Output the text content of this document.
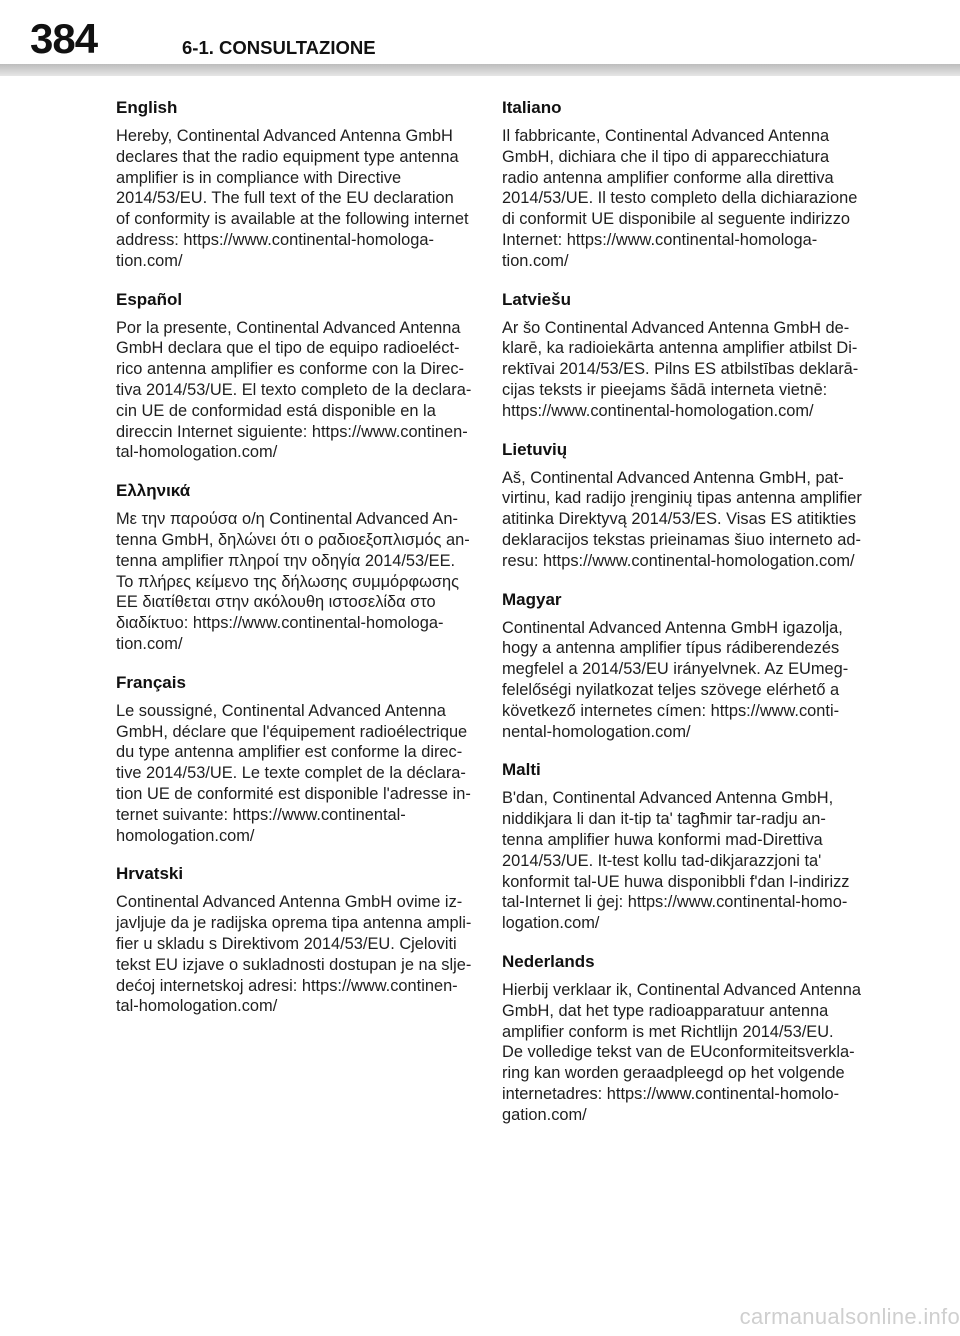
384	6-1. CONSULTAZIONE
English
Hereby, Continental Advanced Antenna GmbH
declares that the radio equipment type antenna
amplifier is in compliance with Directive
2014/53/EU. The full text of the EU declaration
of conformity is available at the following internet
address: https://www.continental-homologa-
tion.com/
Español
Por la presente, Continental Advanced Antenna
GmbH declara que el tipo de equipo radioeléct-
rico antenna amplifier es conforme con la Direc-
tiva 2014/53/UE. El texto completo de la declara-
cin UE de conformidad está disponible en la
direccin Internet siguiente: https://www.continen-
tal-homologation.com/
Ελληνικά
Με την παρούσα ο/η Continental Advanced An-
tenna GmbH, δηλώνει ότι ο ραδιοεξοπλισμός an-
tenna amplifier πληροί την οδηγία 2014/53/ΕΕ.
Το πλήρες κείμενο της δήλωσης συμμόρφωσης
ΕΕ διατίθεται στην ακόλουθη ιστοσελίδα στο
διαδίκτυο: https://www.continental-homologa-
tion.com/
Français
Le soussigné, Continental Advanced Antenna
GmbH, déclare que l'équipement radioélectrique
du type antenna amplifier est conforme la direc-
tive 2014/53/UE. Le texte complet de la déclara-
tion UE de conformité est disponible l'adresse in-
ternet suivante: https://www.continental-
homologation.com/
Hrvatski
Continental Advanced Antenna GmbH ovime iz-
javljuje da je radijska oprema tipa antenna ampli-
fier u skladu s Direktivom 2014/53/EU. Cjeloviti
tekst EU izjave o sukladnosti dostupan je na slje-
dećoj internetskoj adresi: https://www.continen-
tal-homologation.com/
Italiano
Il fabbricante, Continental Advanced Antenna
GmbH, dichiara che il tipo di apparecchiatura
radio antenna amplifier conforme alla direttiva
2014/53/UE. Il testo completo della dichiarazione
di conformit UE disponibile al seguente indirizzo
Internet: https://www.continental-homologa-
tion.com/
Latviešu
Ar šo Continental Advanced Antenna GmbH de-
klarē, ka radioiekārta antenna amplifier atbilst Di-
rektīvai 2014/53/ES. Pilns ES atbilstības deklarā-
cijas teksts ir pieejams šādā interneta vietnē:
https://www.continental-homologation.com/
Lietuvių
Aš, Continental Advanced Antenna GmbH, pat-
virtinu, kad radijo įrenginių tipas antenna amplifier
atitinka Direktyvą 2014/53/ES. Visas ES atitikties
deklaracijos tekstas prieinamas šiuo interneto ad-
resu: https://www.continental-homologation.com/
Magyar
Continental Advanced Antenna GmbH igazolja,
hogy a antenna amplifier típus rádiberendezés
megfelel a 2014/53/EU irányelvnek. Az EUmeg-
felelőségi nyilatkozat teljes szövege elérhető a
következő internetes címen: https://www.conti-
nental-homologation.com/
Malti
B'dan, Continental Advanced Antenna GmbH,
niddikjara li dan it-tip ta' tagħmir tar-radju an-
tenna amplifier huwa konformi mad-Direttiva
2014/53/UE. It-test kollu tad-dikjarazzjoni ta'
konformit tal-UE huwa disponibbli f'dan l-indirizz
tal-Internet li ġej: https://www.continental-homo-
logation.com/
Nederlands
Hierbij verklaar ik, Continental Advanced Antenna
GmbH, dat het type radioapparatuur antenna
amplifier conform is met Richtlijn 2014/53/EU.
De volledige tekst van de EUconformiteitsverkla-
ring kan worden geraadpleegd op het volgende
internetadres: https://www.continental-homolo-
gation.com/
carmanualsonline.info
